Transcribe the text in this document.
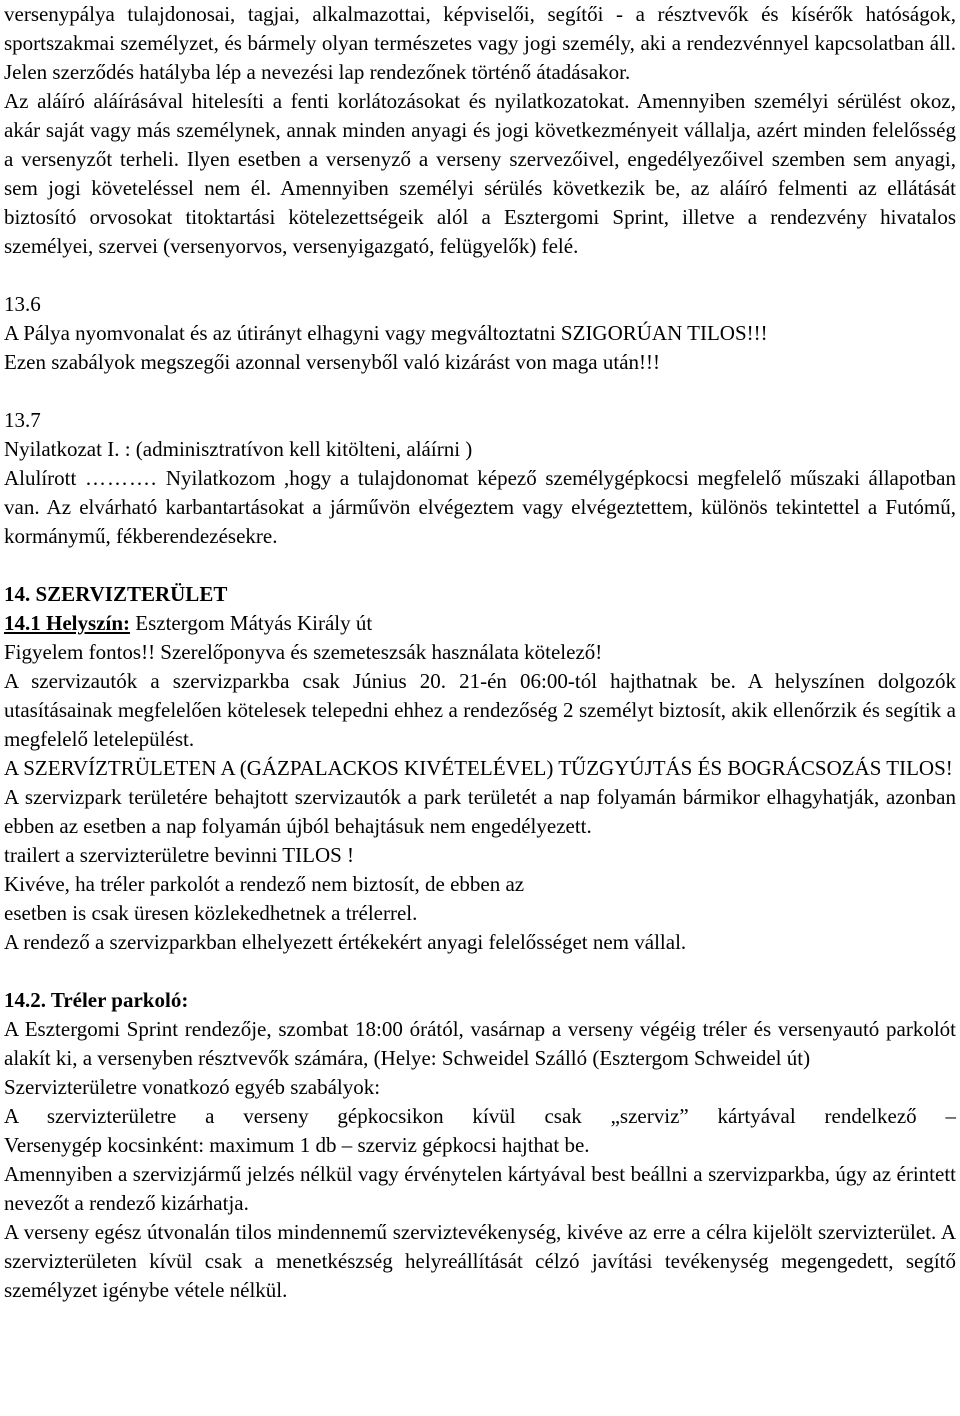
versenypálya tulajdonosai, tagjai, alkalmazottai, képviselői, segítői - a résztvevők és kísérők hatóságok, sportszakmai személyzet, és bármely olyan természetes vagy jogi személy, aki a rendezvénnyel kapcsolatban áll. Jelen szerződés hatályba lép a nevezési lap rendezőnek történő átadásakor.

Az aláíró aláírásával hitelesíti a fenti korlátozásokat és nyilatkozatokat. Amennyiben személyi sérülést okoz, akár saját vagy más személynek, annak minden anyagi és jogi következményeit vállalja, azért minden felelősség a versenyzőt terheli. Ilyen esetben a versenyző a verseny szervezőivel, engedélyezőivel szemben sem anyagi, sem jogi követeléssel nem él. Amennyiben személyi sérülés következik be, az aláíró felmenti az ellátását biztosító orvosokat titoktartási kötelezettségeik alól a Esztergomi Sprint, illetve a rendezvény hivatalos személyei, szervei (versenyorvos, versenyigazgató, felügyelők) felé.

13.6

A Pálya nyomvonalat és az útirányt elhagyni vagy megváltoztatni SZIGORÚAN TILOS!!!

Ezen szabályok megszegői azonnal versenyből való kizárást von maga után!!!

13.7

Nyilatkozat I. : (adminisztratívon kell kitölteni, aláírni )

Alulírott ………. Nyilatkozom ,hogy a tulajdonomat képező személygépkocsi megfelelő műszaki állapotban van. Az elvárható karbantartásokat a járművön elvégeztem vagy elvégeztettem, különös tekintettel a Futómű, kormánymű, fékberendezésekre.

14. SZERVIZTERÜLET

14.1 Helyszín: Esztergom Mátyás Király út

Figyelem fontos!! Szerelőponyva és szemeteszsák használata kötelező!

A szervizautók a szervizparkba csak Június 20. 21-én 06:00-tól hajthatnak be. A helyszínen dolgozók utasításainak megfelelően kötelesek telepedni ehhez a rendezőség 2 személyt biztosít, akik ellenőrzik és segítik a megfelelő letelepülést.

A SZERVÍZTRÜLETEN A (GÁZPALACKOS KIVÉTELÉVEL) TŰZGYÚJTÁS ÉS BOGRÁCSOZÁS TILOS!

A szervizpark területére behajtott szervizautók a park területét a nap folyamán bármikor elhagyhatják, azonban ebben az esetben a nap folyamán újból behajtásuk nem engedélyezett.

trailert a szervizterületre bevinni TILOS !

Kivéve, ha tréler parkolót a rendező nem biztosít, de ebben az

esetben is csak üresen közlekedhetnek a trélerrel.

A rendező a szervizparkban elhelyezett értékekért anyagi felelősséget nem vállal.

14.2. Tréler parkoló:

A Esztergomi Sprint rendezője, szombat 18:00 órától, vasárnap a verseny végéig tréler és versenyautó parkolót alakít ki, a versenyben résztvevők számára, (Helye: Schweidel Szálló (Esztergom Schweidel út)

Szervizterületre vonatkozó egyéb szabályok:

A szervizterületre a verseny gépkocsikon kívül csak „szerviz” kártyával rendelkező –

Versenygép kocsinként: maximum 1 db – szerviz gépkocsi hajthat be.

Amennyiben a szervizjármű jelzés nélkül vagy érvénytelen kártyával best beállni a szervizparkba, úgy az érintett nevezőt a rendező kizárhatja.

A verseny egész útvonalán tilos mindennemű szerviztevékenység, kivéve az erre a célra kijelölt szervizterület. A szervizterületen kívül csak a menetkészség helyreállítását célzó javítási tevékenység megengedett, segítő személyzet igénybe vétele nélkül.
